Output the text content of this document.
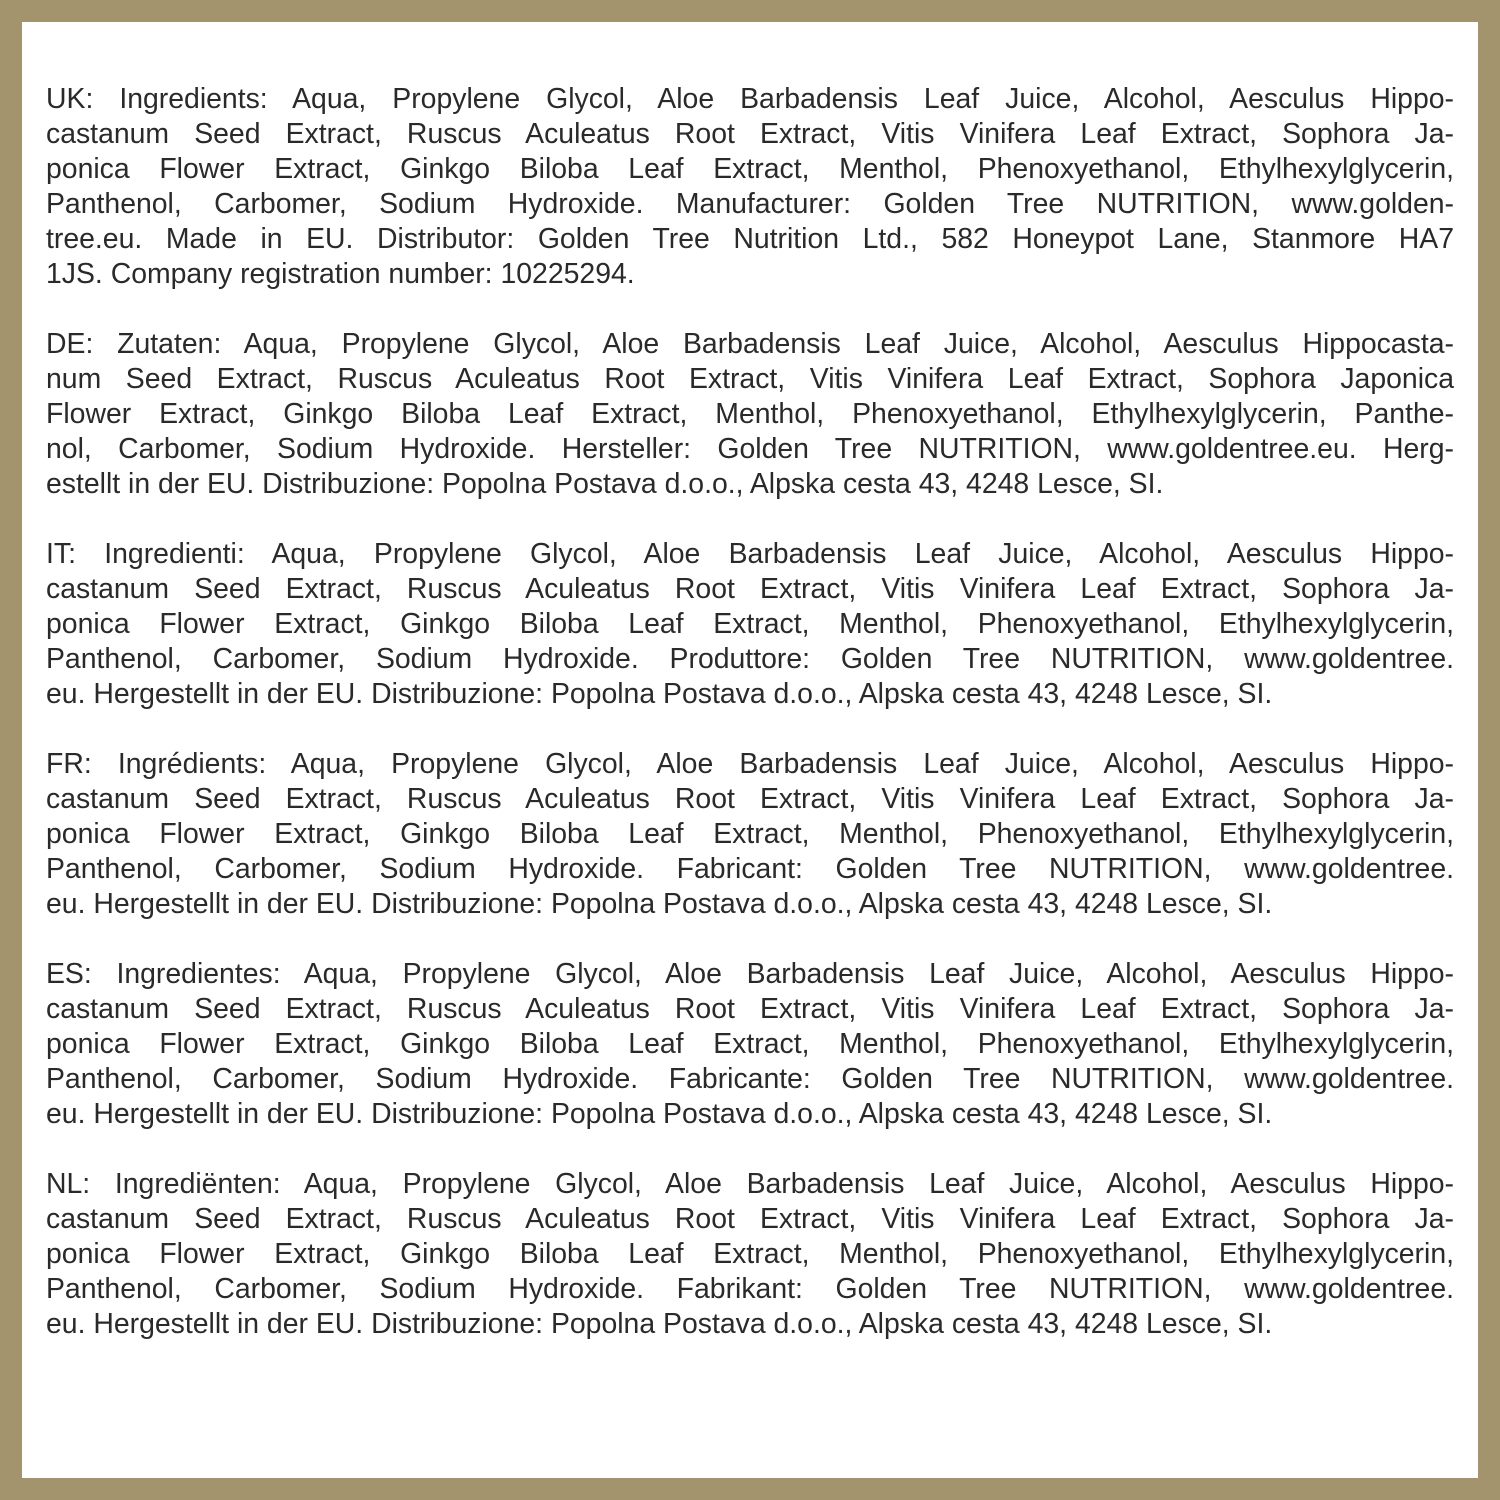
UK: Ingredients: Aqua, Propylene Glycol, Aloe Barbadensis Leaf Juice, Alcohol, Aesculus Hippo-
castanum Seed Extract, Ruscus Aculeatus Root Extract, Vitis Vinifera Leaf Extract, Sophora Ja-
ponica Flower Extract, Ginkgo Biloba Leaf Extract, Menthol, Phenoxyethanol, Ethylhexylglycerin,
Panthenol, Carbomer, Sodium Hydroxide. Manufacturer: Golden Tree NUTRITION, www.golden-
tree.eu. Made in EU. Distributor: Golden Tree Nutrition Ltd., 582 Honeypot Lane, Stanmore HA7
1JS. Company registration number: 10225294.

DE: Zutaten: Aqua, Propylene Glycol, Aloe Barbadensis Leaf Juice, Alcohol, Aesculus Hippocasta-
num Seed Extract, Ruscus Aculeatus Root Extract, Vitis Vinifera Leaf Extract, Sophora Japonica
Flower Extract, Ginkgo Biloba Leaf Extract, Menthol, Phenoxyethanol, Ethylhexylglycerin, Panthe-
nol, Carbomer, Sodium Hydroxide. Hersteller: Golden Tree NUTRITION, www.goldentree.eu. Herg-
estellt in der EU. Distribuzione: Popolna Postava d.o.o., Alpska cesta 43, 4248 Lesce, SI.

IT: Ingredienti: Aqua, Propylene Glycol, Aloe Barbadensis Leaf Juice, Alcohol, Aesculus Hippo-
castanum Seed Extract, Ruscus Aculeatus Root Extract, Vitis Vinifera Leaf Extract, Sophora Ja-
ponica Flower Extract, Ginkgo Biloba Leaf Extract, Menthol, Phenoxyethanol, Ethylhexylglycerin,
Panthenol, Carbomer, Sodium Hydroxide. Produttore: Golden Tree NUTRITION, www.goldentree.
eu. Hergestellt in der EU. Distribuzione: Popolna Postava d.o.o., Alpska cesta 43, 4248 Lesce, SI.

FR: Ingrédients: Aqua, Propylene Glycol, Aloe Barbadensis Leaf Juice, Alcohol, Aesculus Hippo-
castanum Seed Extract, Ruscus Aculeatus Root Extract, Vitis Vinifera Leaf Extract, Sophora Ja-
ponica Flower Extract, Ginkgo Biloba Leaf Extract, Menthol, Phenoxyethanol, Ethylhexylglycerin,
Panthenol, Carbomer, Sodium Hydroxide. Fabricant: Golden Tree NUTRITION, www.goldentree.
eu. Hergestellt in der EU. Distribuzione: Popolna Postava d.o.o., Alpska cesta 43, 4248 Lesce, SI.

ES: Ingredientes: Aqua, Propylene Glycol, Aloe Barbadensis Leaf Juice, Alcohol, Aesculus Hippo-
castanum Seed Extract, Ruscus Aculeatus Root Extract, Vitis Vinifera Leaf Extract, Sophora Ja-
ponica Flower Extract, Ginkgo Biloba Leaf Extract, Menthol, Phenoxyethanol, Ethylhexylglycerin,
Panthenol, Carbomer, Sodium Hydroxide. Fabricante: Golden Tree NUTRITION, www.goldentree.
eu. Hergestellt in der EU. Distribuzione: Popolna Postava d.o.o., Alpska cesta 43, 4248 Lesce, SI.

NL: Ingrediënten: Aqua, Propylene Glycol, Aloe Barbadensis Leaf Juice, Alcohol, Aesculus Hippo-
castanum Seed Extract, Ruscus Aculeatus Root Extract, Vitis Vinifera Leaf Extract, Sophora Ja-
ponica Flower Extract, Ginkgo Biloba Leaf Extract, Menthol, Phenoxyethanol, Ethylhexylglycerin,
Panthenol, Carbomer, Sodium Hydroxide. Fabrikant: Golden Tree NUTRITION, www.goldentree.
eu. Hergestellt in der EU. Distribuzione: Popolna Postava d.o.o., Alpska cesta 43, 4248 Lesce, SI.
